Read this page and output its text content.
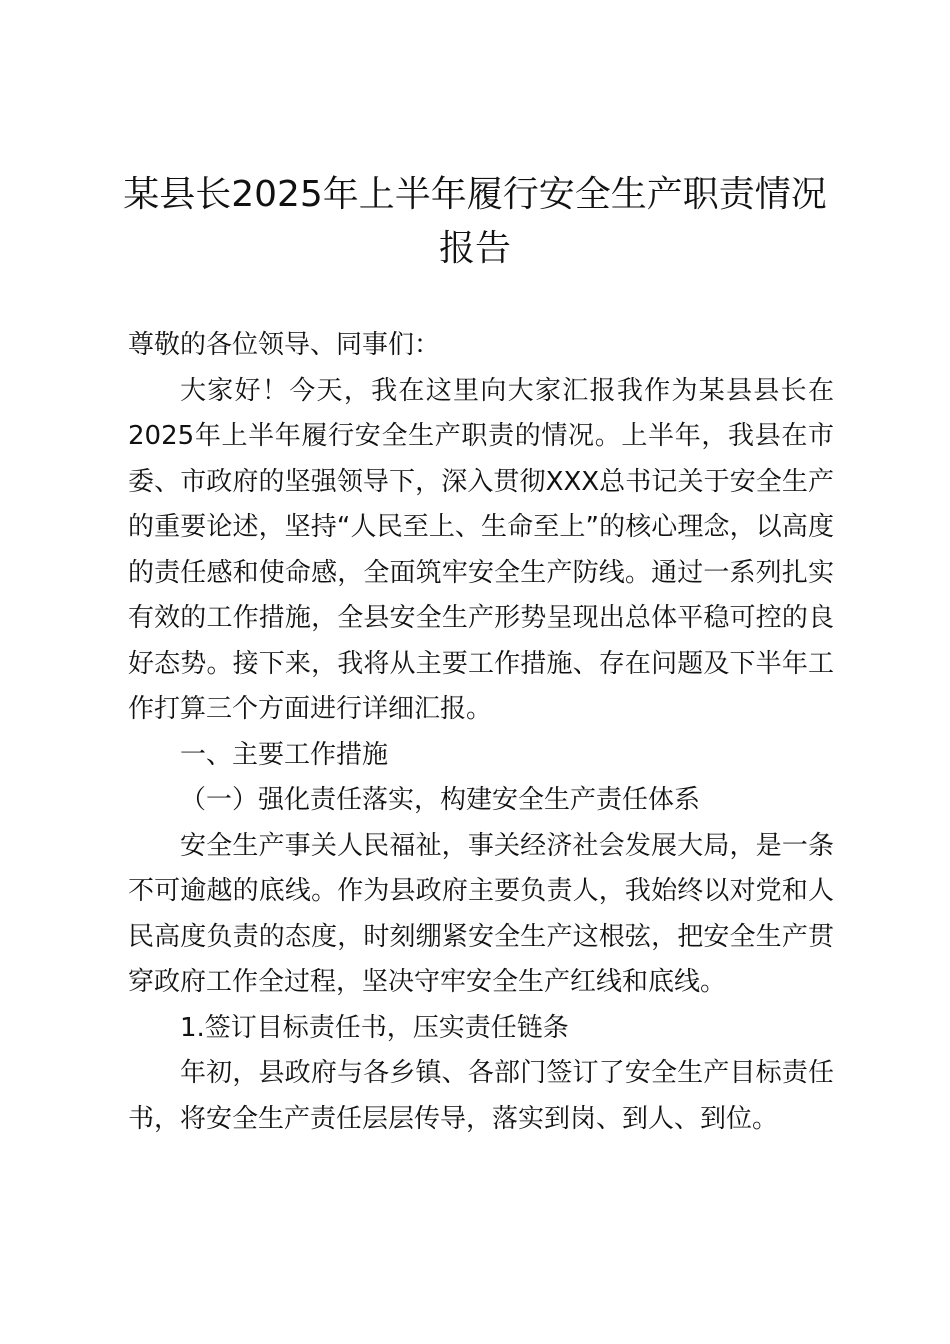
某县长2025年上半年履行安全生产职责情况
报告

尊敬的各位领导、同事们：

大家好！今天，我在这里向大家汇报我作为某县县长在2025年上半年履行安全生产职责的情况。上半年，我县在市委、市政府的坚强领导下，深入贯彻XXX总书记关于安全生产的重要论述，坚持“人民至上、生命至上”的核心理念，以高度的责任感和使命感，全面筑牢安全生产防线。通过一系列扎实有效的工作措施，全县安全生产形势呈现出总体平稳可控的良好态势。接下来，我将从主要工作措施、存在问题及下半年工作打算三个方面进行详细汇报。

一、主要工作措施

（一）强化责任落实，构建安全生产责任体系

安全生产事关人民福祉，事关经济社会发展大局，是一条不可逾越的底线。作为县政府主要负责人，我始终以对党和人民高度负责的态度，时刻绷紧安全生产这根弦，把安全生产贯穿政府工作全过程，坚决守牢安全生产红线和底线。

1.签订目标责任书，压实责任链条

年初，县政府与各乡镇、各部门签订了安全生产目标责任书，将安全生产责任层层传导，落实到岗、到人、到位。
